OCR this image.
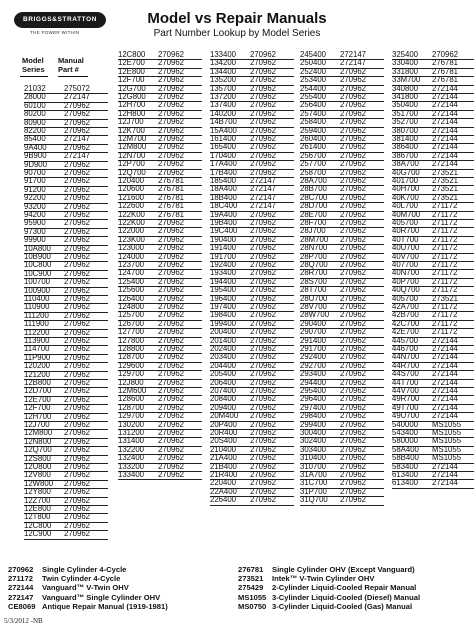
BRIGGS&STRATTON
THE POWER WITHIN
Model vs Repair Manuals

Part Number Lookup by Model Series

Model
Series
Manual
Part #
21032	275072
28000	272147
60100	270962
80200	270962
80900	270962
82200	270962
85400	272147
9A400	270962
9B900	272147
9D900	270962
90700	270962
91700	270962
91200	270962
92200	270962
93200	270962
94200	270962
95900	270962
97300	270962
99900	270962
10A800	270962
10B900	270962
10C800	270962
10C900	270962
100700	270962
100900	270962
110400	270962
110900	270962
111200	270962
111900	270962
112200	270962
113900	270962
114700	270962
11P900	270962
120200	270962
121200	270962
12B800	270962
12D700	270962
12E700	270962
12F700	270962
12H700	270962
12J700	270962
12M800	270962
12N800	270962
12Q700	270962
12S800	270962
12U800	270962
12V800	270962
12W800	270962
12Y800	270962
12Z700	270962
12E800	270962
12T800	270962
12C800	270962
12C900	270962
12C800	270962
12E700	270962
12E800	270962
12F700	270962
12G700	270962
12G800	270962
12H700	270962
12H800	270962
12J700	270962
12K700	270962
12M700	270962
12M800	270962
12N700	270962
12P700	270962
12Q700	270962
120400	276781
120600	276781
121600	276781
122600	276781
122K00	276781
122K00	270962
122000	270962
123K00	270962
123000	270962
124000	270962
123700	270962
124700	270962
125400	270962
125600	270962
126400	270962
124800	270962
125700	270962
126700	270962
127700	270962
127800	270962
128800	270962
128700	270962
129600	270962
129700	270962
12J800	270962
12M600	270962
128600	270962
128700	270962
129700	270962
130200	270962
131200	270962
131400	270962
132200	270962
132400	270962
133200	270962
133400	270962
133400	270962
134200	270962
134400	270962
135200	270962
135700	270962
137200	270962
137400	270962
140200	270962
14B700	270962
15A400	270962
161400	270962
165400	270962
170400	270962
17A400	270962
17B400	270962
185400	272147
18A400	272147
18B400	272147
18C400	272147
19A400	270962
19B400	270962
19C400	270962
190400	270962
191400	270962
191700	270962
192400	270962
193400	270962
194400	270962
195400	270962
196400	270962
197400	270962
198400	270962
199400	270962
200400	270962
201400	270962
202400	270962
203400	270962
204400	270962
205400	270962
206400	270962
207400	270962
208400	270962
209400	270962
20M400	270962
20P400	270962
20R400	270962
20S400	270962
210400	270962
21A400	270962
21B400	270962
21R400	270962
220400	270962
22A400	270962
226400	270962
245400	272147
250400	272147
252400	270962
253400	270962
254400	270962
255400	270962
256400	270962
257400	270962
258400	270962
259400	270962
260400	270962
261400	270962
256700	270962
257700	270962
258700	270962
28A700	270962
28B700	270962
28C700	270962
28D700	270962
28E700	270962
28F700	270962
28J700	270962
28M700	270962
28N700	270962
28P700	270962
28Q700	270962
28R700	270962
28S700	270962
28T700	270962
28U700	270962
28V700	270962
28W700	270962
290400	270962
290700	270962
291400	270962
291700	270962
292400	270962
292700	270962
293400	270962
294400	270962
295400	270962
296400	270962
297400	270962
298400	270962
299400	270962
300400	270962
302400	270962
303400	270962
310400	270962
310700	270962
31A700	270962
31C700	270962
31P700	270962
31Q700	270962
325400	270962
330400	276781
331800	276781
33M700	276781
340800	272144
341800	272144
350400	272144
351700	272144
352700	272144
380700	272144
381400	272144
386400	272144
386700	272144
38A700	272144
40G700	273521
401700	273521
40H700	273521
40K700	273521
40L700	271172
40M700	271172
405700	271172
40R700	271172
40T700	271172
40U700	271172
40V700	271172
407700	271172
40N700	271172
40P700	271172
40Q700	271172
405700	273521
42A700	271172
42B700	271172
42C700	271172
42E700	271172
445700	272144
446700	272144
44N700	272144
44R700	272144
44S700	272144
44T700	272144
44V700	272144
49R700	272144
49T700	272144
49U700	272144
540000	MS1055
543400	MS1055
580000	MS1055
58A400	MS1055
58B400	MS1055
583400	272144
613400	272144
613400	272144
270962	Single Cylinder 4-Cycle
271172	Twin Cylinder 4-Cycle
272144	Vanguard™ V-Twin OHV
272147	Vanguard™ Single Cylinder OHV
CE8069 Antique Repair Manual (1919-1981)
276781	Single Cylinder OHV (Except Vanguard)
273521	Intek™ V-Twin Cylinder OHV
275429	2-Cylinder Liquid-Cooled Repair Manual
MS1055 3-Cylinder Liquid-Cooled (Diesel) Manual
MS0750 3-Cylinder Liquid-Cooled (Gas) Manual
5/3/2012 -NB
